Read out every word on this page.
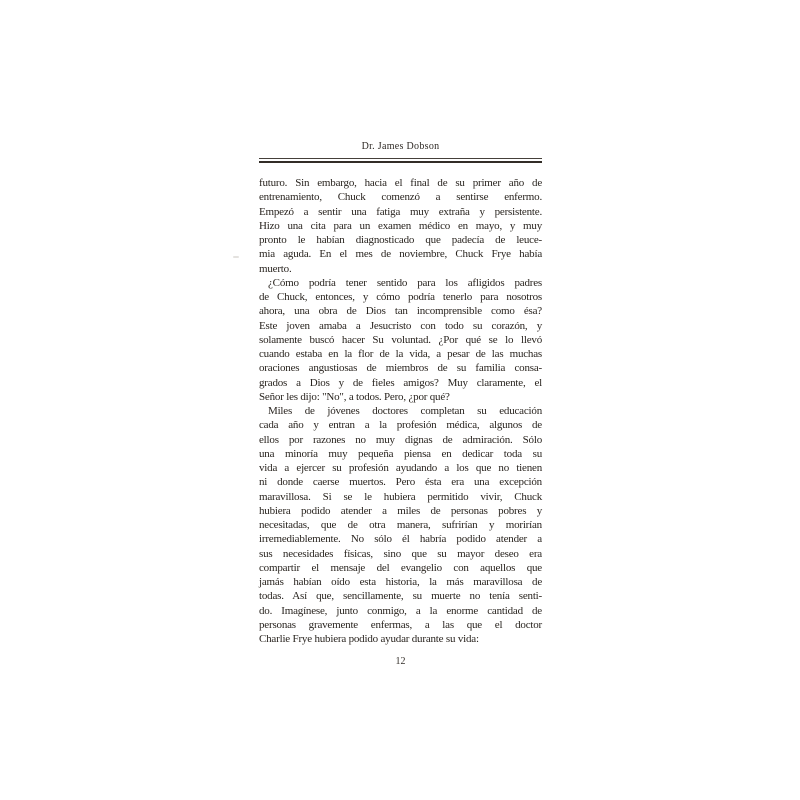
Dr. James Dobson
futuro. Sin embargo, hacia el final de su primer año de
entrenamiento, Chuck comenzó a sentirse enfermo.
Empezó a sentir una fatiga muy extraña y persistente.
Hizo una cita para un examen médico en mayo, y muy
pronto le habían diagnosticado que padecía de leuce-
mia aguda. En el mes de noviembre, Chuck Frye había
muerto.
¿Cómo podría tener sentido para los afligidos padres
de Chuck, entonces, y cómo podría tenerlo para nosotros
ahora, una obra de Dios tan incomprensible como ésa?
Este joven amaba a Jesucristo con todo su corazón, y
solamente buscó hacer Su voluntad. ¿Por qué se lo llevó
cuando estaba en la flor de la vida, a pesar de las muchas
oraciones angustiosas de miembros de su familia consa-
grados a Dios y de fieles amigos? Muy claramente, el
Señor les dijo: "No", a todos. Pero, ¿por qué?
Miles de jóvenes doctores completan su educación
cada año y entran a la profesión médica, algunos de
ellos por razones no muy dignas de admiración. Sólo
una minoría muy pequeña piensa en dedicar toda su
vida a ejercer su profesión ayudando a los que no tienen
ni donde caerse muertos. Pero ésta era una excepción
maravillosa. Si se le hubiera permitido vivir, Chuck
hubiera podido atender a miles de personas pobres y
necesitadas, que de otra manera, sufrirían y morirían
irremediablemente. No sólo él habría podido atender a
sus necesidades físicas, sino que su mayor deseo era
compartir el mensaje del evangelio con aquellos que
jamás habían oído esta historia, la más maravillosa de
todas. Así que, sencillamente, su muerte no tenía senti-
do. Imagínese, junto conmigo, a la enorme cantidad de
personas gravemente enfermas, a las que el doctor
Charlie Frye hubiera podido ayudar durante su vida:
12
